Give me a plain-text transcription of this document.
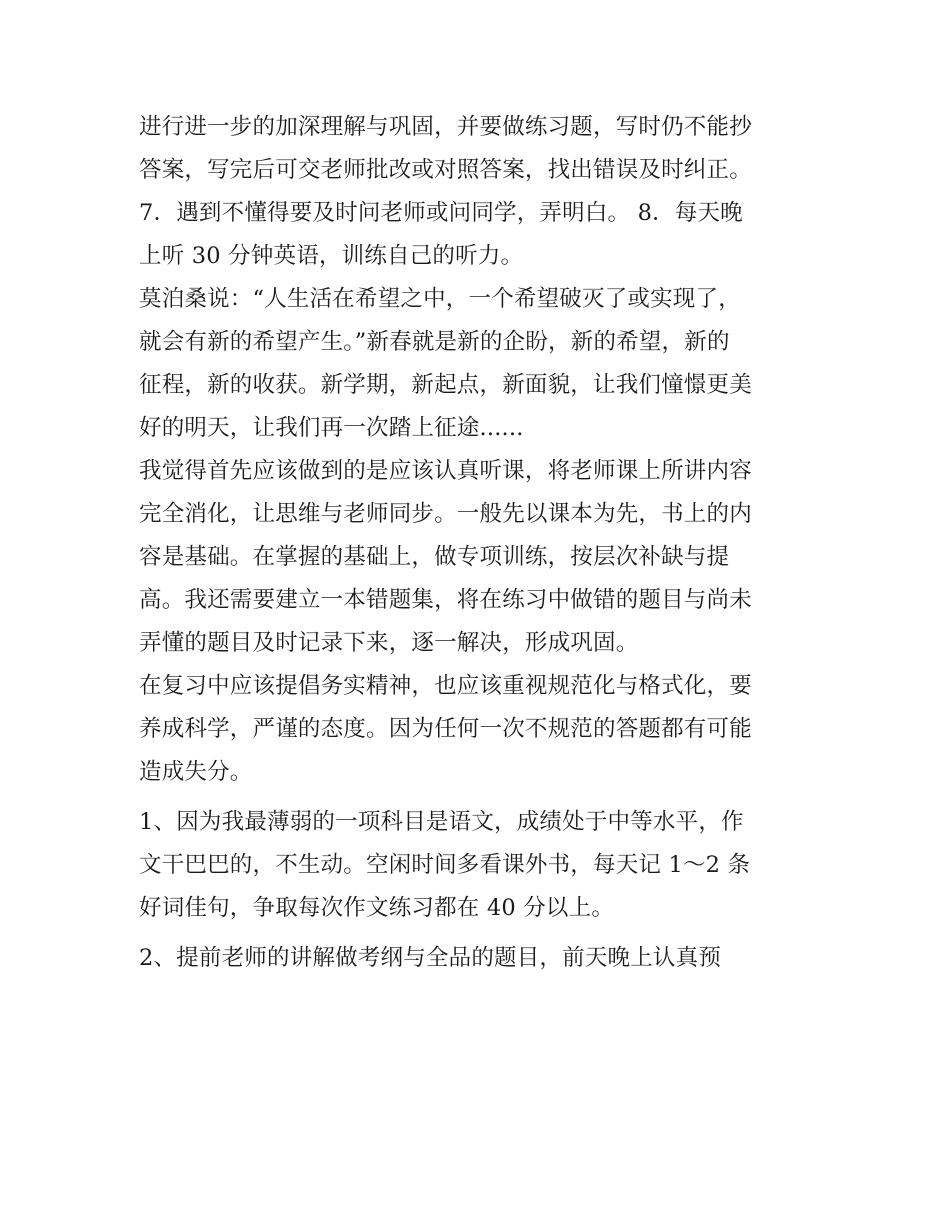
进行进一步的加深理解与巩固，并要做练习题，写时仍不能抄
答案，写完后可交老师批改或对照答案，找出错误及时纠正。
7．遇到不懂得要及时问老师或问同学，弄明白。 8．每天晚
上听 30 分钟英语，训练自己的听力。
莫泊桑说：“人生活在希望之中，一个希望破灭了或实现了，
就会有新的希望产生。”新春就是新的企盼，新的希望，新的
征程，新的收获。新学期，新起点，新面貌，让我们憧憬更美
好的明天，让我们再一次踏上征途......
我觉得首先应该做到的是应该认真听课，将老师课上所讲内容
完全消化，让思维与老师同步。一般先以课本为先，书上的内
容是基础。在掌握的基础上，做专项训练，按层次补缺与提
高。我还需要建立一本错题集，将在练习中做错的题目与尚未
弄懂的题目及时记录下来，逐一解决，形成巩固。
在复习中应该提倡务实精神，也应该重视规范化与格式化，要
养成科学，严谨的态度。因为任何一次不规范的答题都有可能
造成失分。
1、因为我最薄弱的一项科目是语文，成绩处于中等水平，作
文干巴巴的，不生动。空闲时间多看课外书，每天记 1～2 条
好词佳句，争取每次作文练习都在 40 分以上。
2、提前老师的讲解做考纲与全品的题目，前天晚上认真预
